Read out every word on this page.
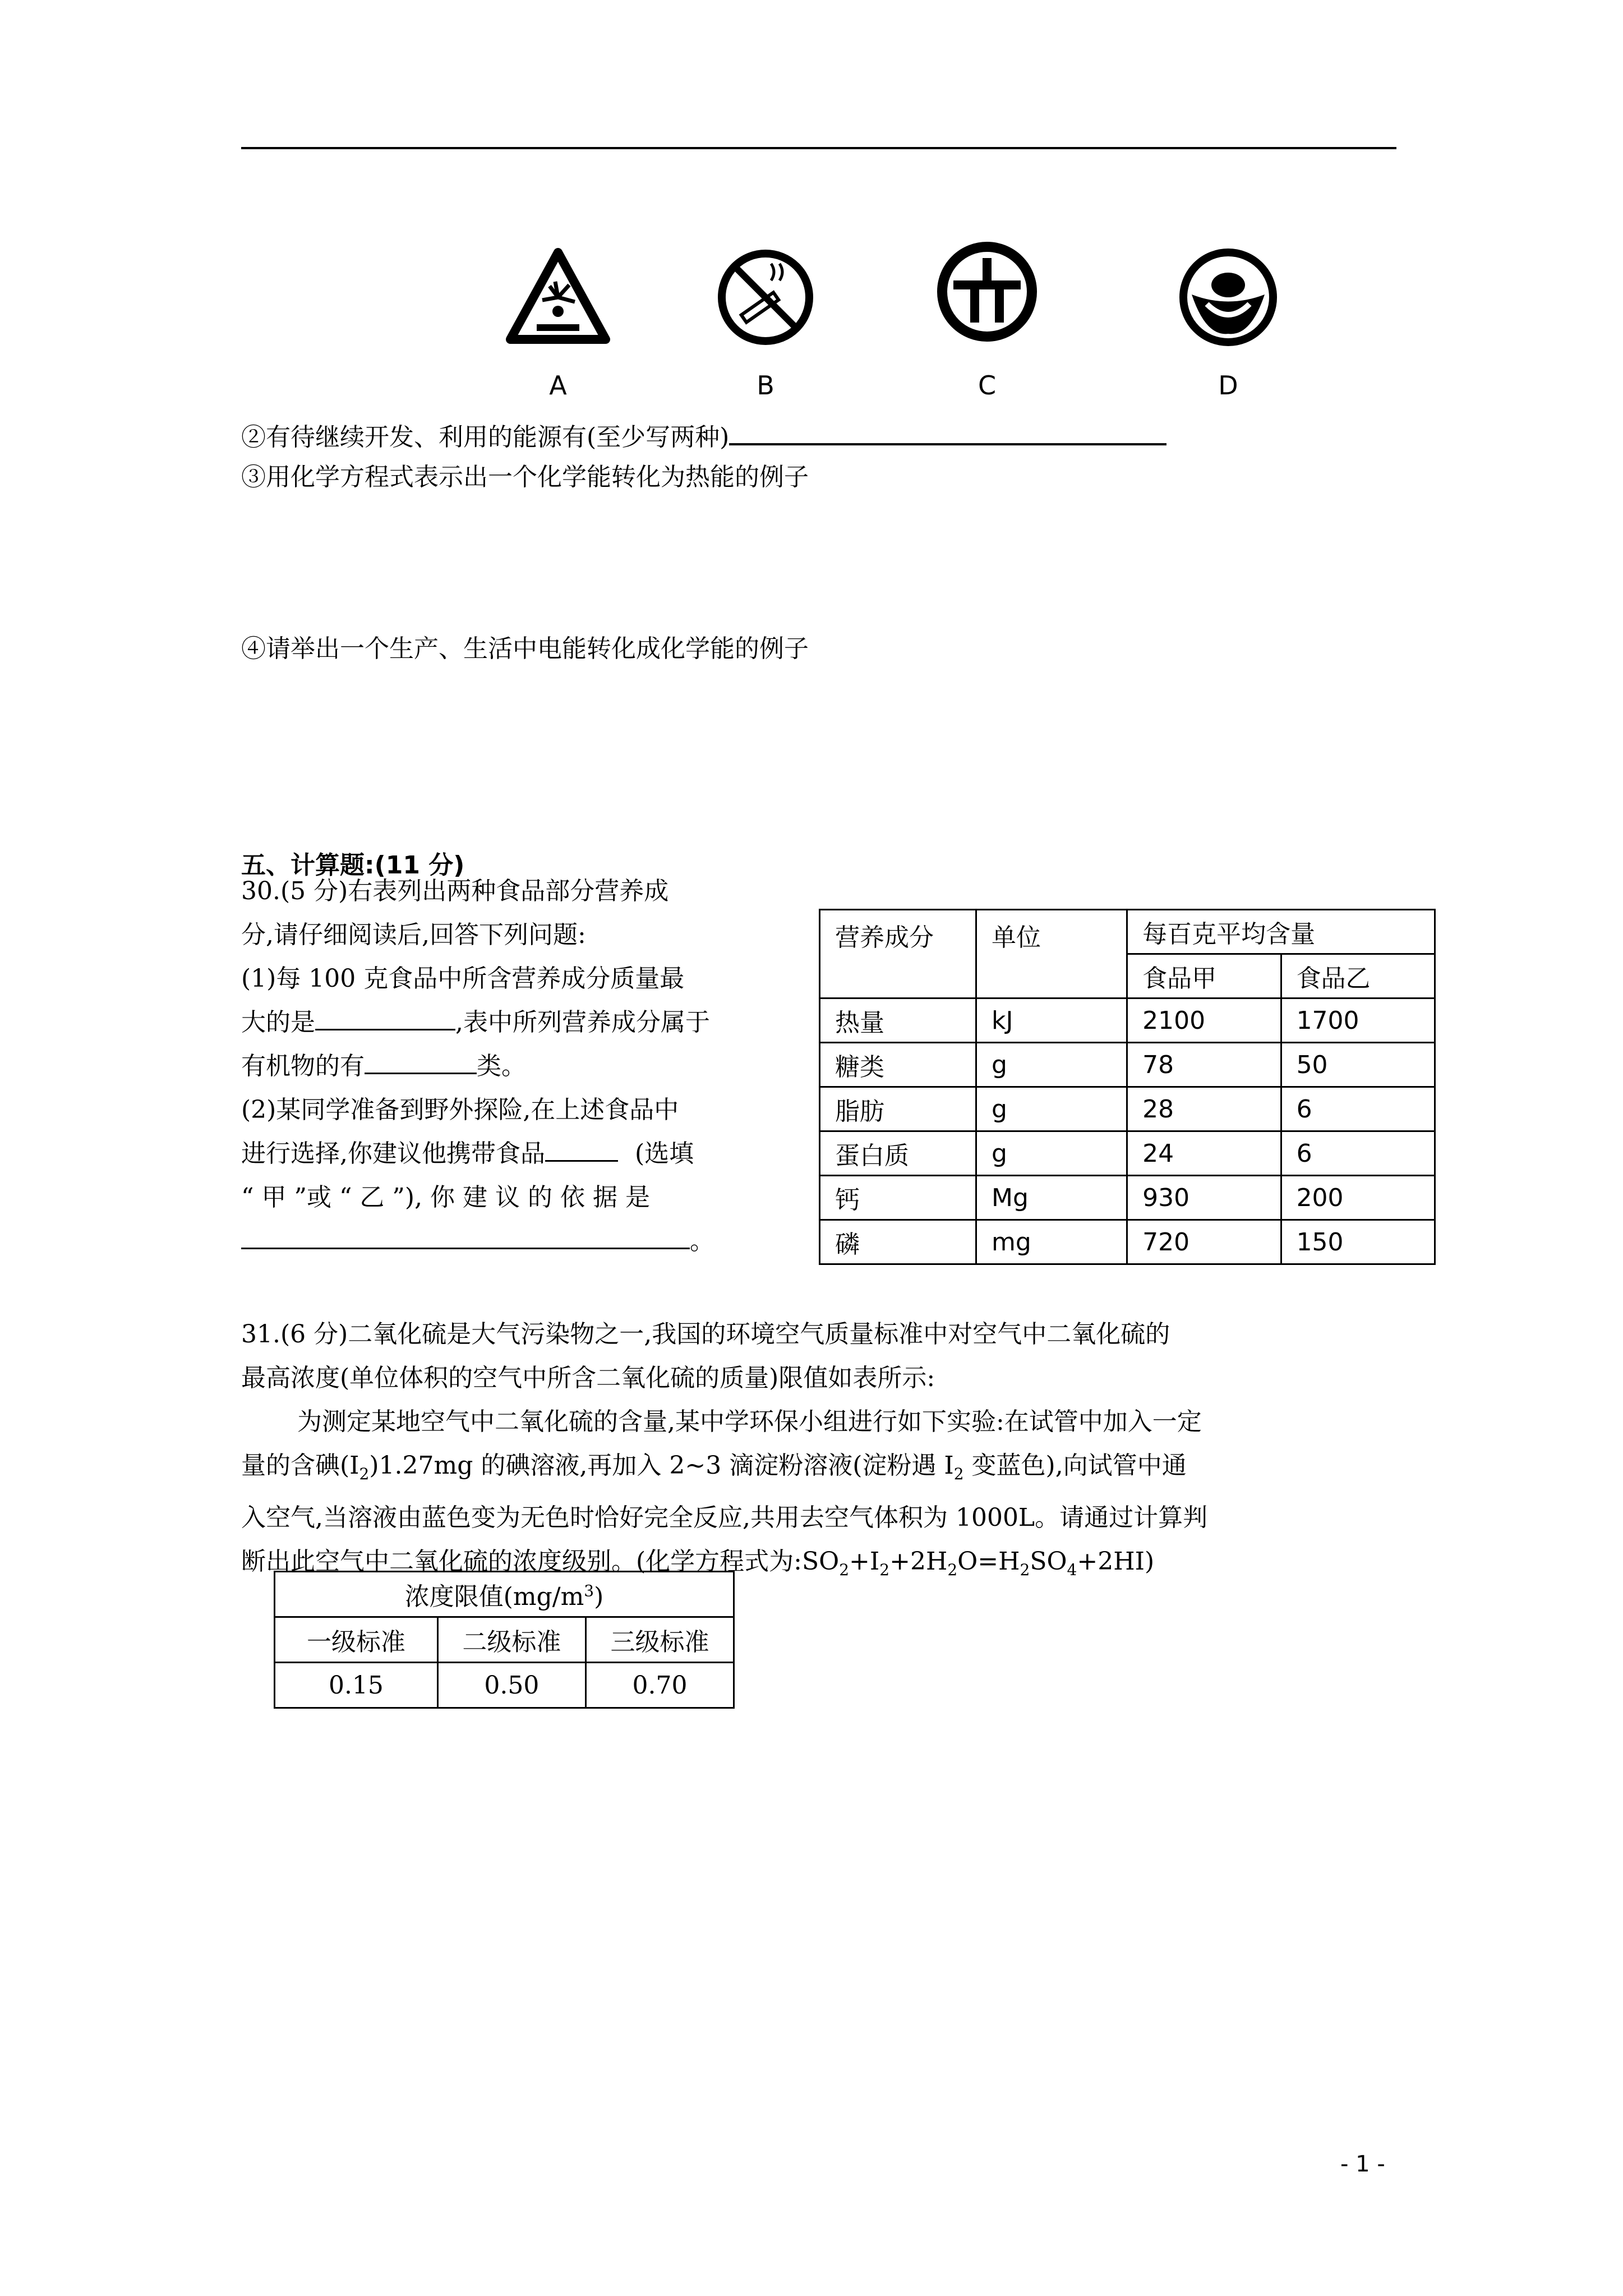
A	B	C	D
②有待继续开发、利用的能源有(至少写两种)
③用化学方程式表示出一个化学能转化为热能的例子
④请举出一个生产、生活中电能转化成化学能的例子
五、计算题:(11 分)
30.(5 分)右表列出两种食品部分营养成
分,请仔细阅读后,回答下列问题:
(1)每 100 克食品中所含营养成分质量最
大的是	,表中所列营养成分属于
有机物的有	类。
(2)某同学准备到野外探险,在上述食品中
进行选择,你建议他携带食品	(选填
“ 甲 ”或 “ 乙 ”), 你 建 议 的 依 据 是
。
营养成分	单位	每百克平均含量	
		食品甲	食品乙
热量	kJ	2100	1700
糖类	g	78	50
脂肪	g	28	6
蛋白质	g	24	6
钙	Mg	930	200
磷	mg	720	150
31.(6 分)二氧化硫是大气污染物之一,我国的环境空气质量标准中对空气中二氧化硫的
最高浓度(单位体积的空气中所含二氧化硫的质量)限值如表所示:
为测定某地空气中二氧化硫的含量,某中学环保小组进行如下实验:在试管中加入一定
量的含碘$(I_2)1.27mg$ 的碘溶液,再加入 2~3 滴淀粉溶液(淀粉遇 $I_2$ 变蓝色),向试管中通
入空气,当溶液由蓝色变为无色时恰好完全反应,共用去空气体积为 1000L。请通过计算判
断出此空气中二氧化硫的浓度级别。(化学方程式为$:SO_2+I_2+2H_2O=H_2SO_4+2HI$)
浓度限值$(mg/m^3)$		
一级标准	二级标准	三级标准
0.15	0.50	0.70
- 1 -
